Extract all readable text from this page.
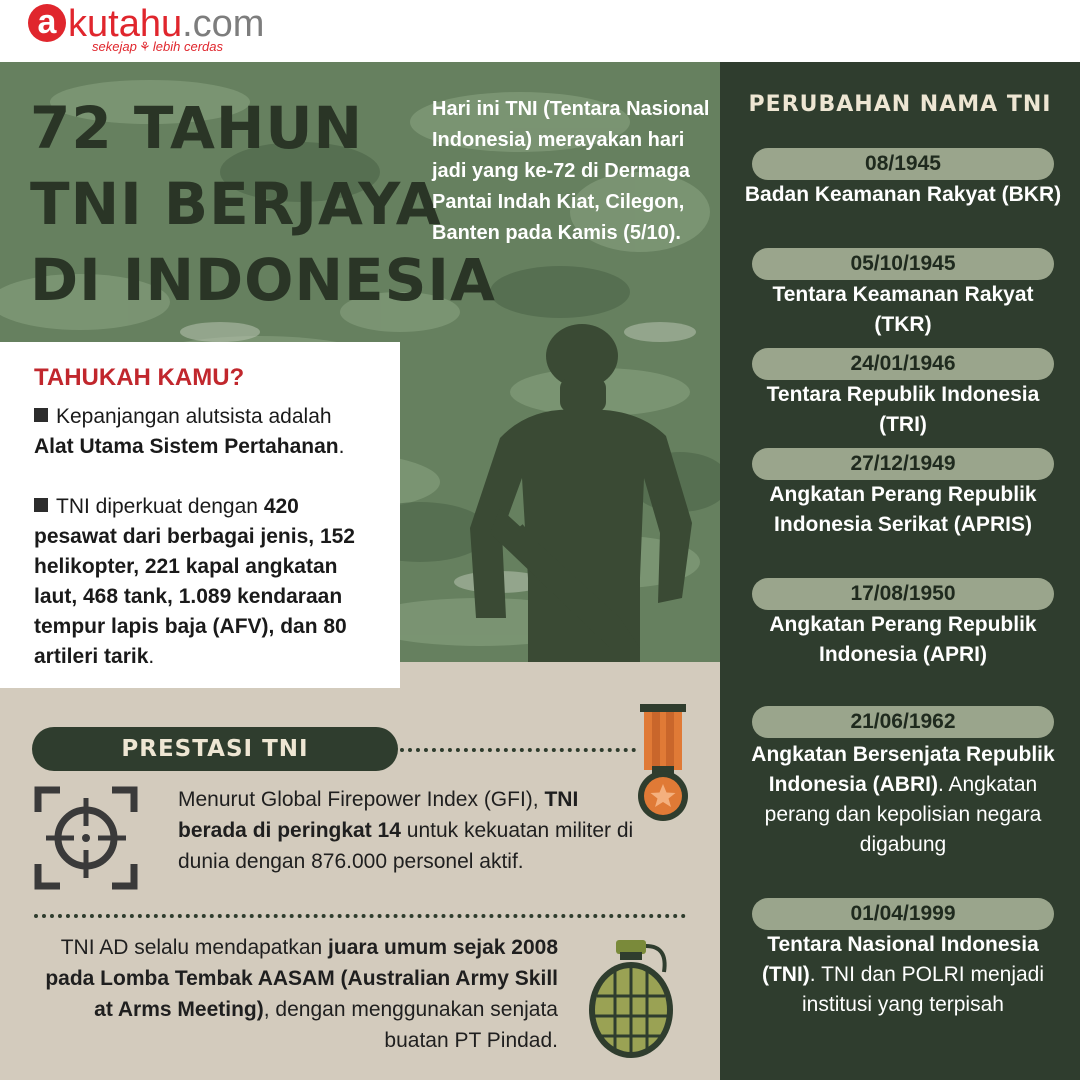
a kutahu.com
sekejap ⚘ lebih cerdas
72 TAHUN
TNI BERJAYA
DI INDONESIA

Hari ini TNI (Tentara Nasional Indonesia) merayakan hari jadi yang ke-72 di Dermaga Pantai Indah Kiat, Cilegon, Banten pada Kamis (5/10).

TAHUKAH KAMU?

Kepanjangan alutsista adalah
Alat Utama Sistem Pertahanan.

TNI diperkuat dengan 420 pesawat dari berbagai jenis, 152 helikopter, 221 kapal angkatan laut, 468 tank, 1.089 kendaraan tempur lapis baja (AFV), dan 80 artileri tarik.

PRESTASI TNI

Menurut Global Firepower Index (GFI), TNI berada di peringkat 14 untuk kekuatan militer di dunia dengan 876.000 personel aktif.

TNI AD selalu mendapatkan juara umum sejak 2008 pada Lomba Tembak AASAM (Australian Army Skill at Arms Meeting), dengan menggunakan senjata buatan PT Pindad.

PERUBAHAN NAMA TNI
08/1945

Badan Keamanan Rakyat (BKR)

05/10/1945

Tentara Keamanan Rakyat (TKR)

24/01/1946

Tentara Republik Indonesia (TRI)

27/12/1949

Angkatan Perang Republik Indonesia Serikat (APRIS)

17/08/1950

Angkatan Perang Republik Indonesia (APRI)

21/06/1962

Angkatan Bersenjata Republik Indonesia (ABRI). Angkatan perang dan kepolisian negara digabung

01/04/1999

Tentara Nasional Indonesia (TNI). TNI dan POLRI menjadi institusi yang terpisah
